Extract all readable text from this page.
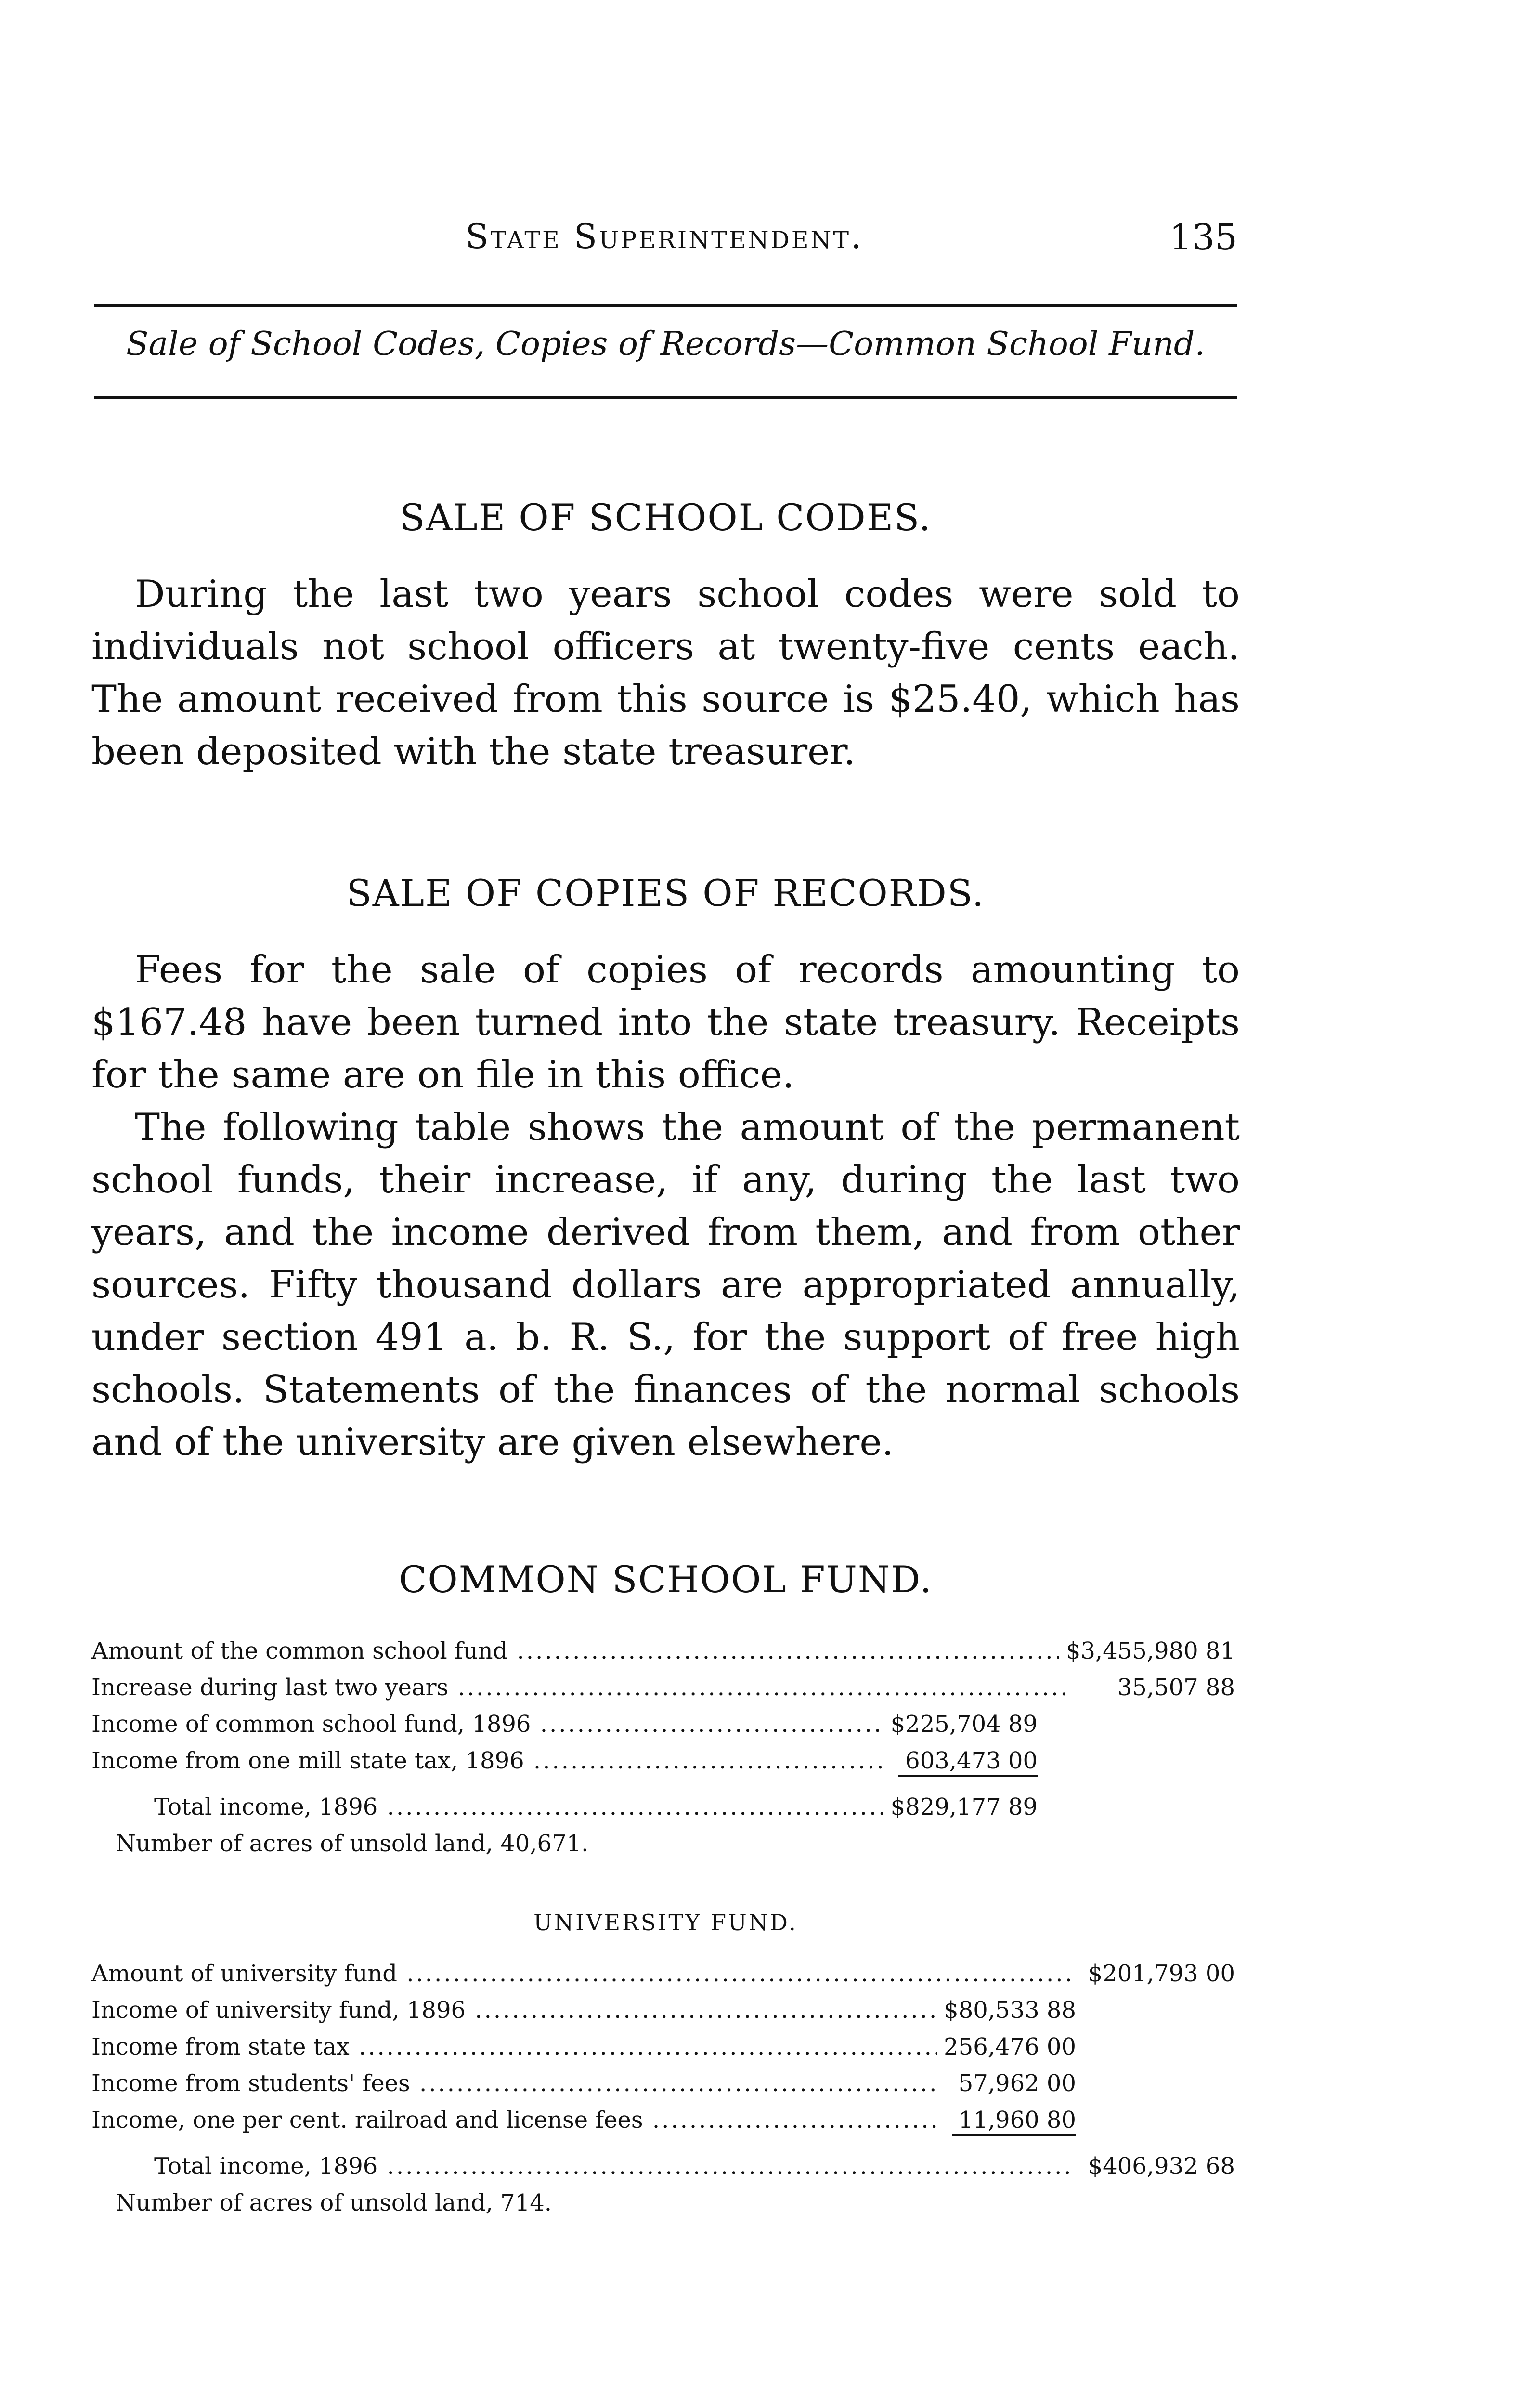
State Superintendent.	135
Sale of School Codes, Copies of Records—Common School Fund.
SALE OF SCHOOL CODES.
During the last two years school codes were sold to individuals not school officers at twenty-five cents each. The amount received from this source is $25.40, which has been deposited with the state treasurer.
SALE OF COPIES OF RECORDS.
Fees for the sale of copies of records amounting to $167.48 have been turned into the state treasury. Receipts for the same are on file in this office.
The following table shows the amount of the permanent school funds, their increase, if any, during the last two years, and the income derived from them, and from other sources. Fifty thousand dollars are appropriated annually, under section 491 a. b. R. S., for the support of free high schools. Statements of the finances of the normal schools and of the university are given elsewhere.
COMMON SCHOOL FUND.
Amount of the common school fund .....	$3,455,980 81
Increase during last two years .....	35,507 88
Income of common school fund, 1896 .....	$225,704 89
Income from one mill state tax, 1896 .....	603,473 00
Total income, 1896 .....	$829,177 89
Number of acres of unsold land, 40,671.
UNIVERSITY FUND.
Amount of university fund .....	$201,793 00
Income of university fund, 1896 .....	$80,533 88
Income from state tax .....	256,476 00
Income from students' fees .....	57,962 00
Income, one per cent. railroad and license fees .....	11,960 80
Total income, 1896 .....	$406,932 68
Number of acres of unsold land, 714.
